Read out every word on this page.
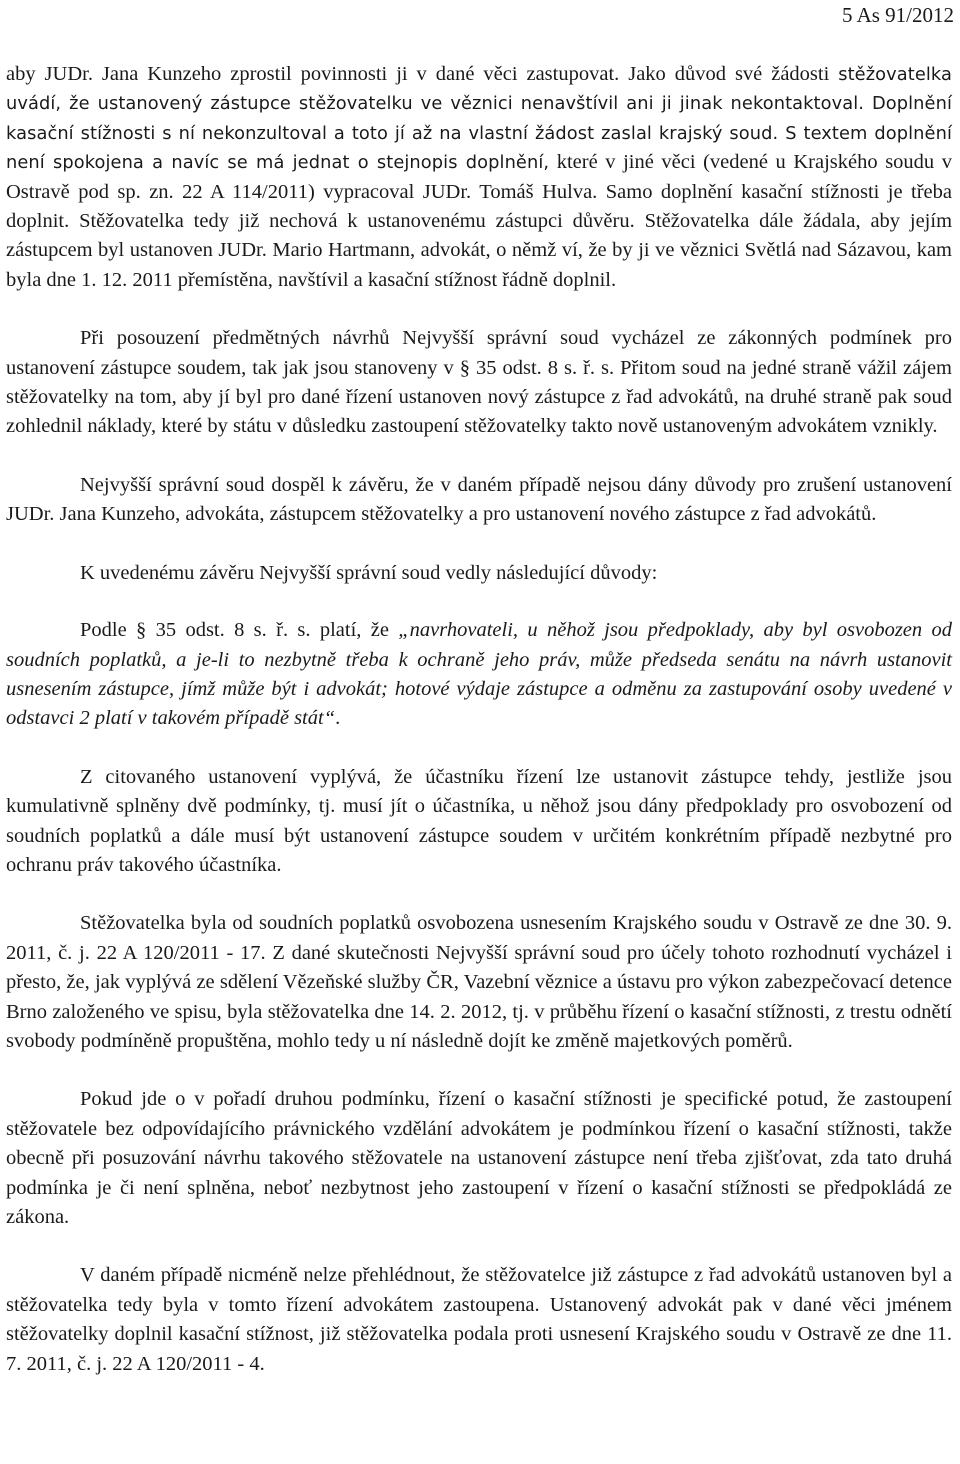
5 As 91/2012

aby JUDr. Jana Kunzeho zprostil povinnosti ji v dané věci zastupovat. Jako důvod své žádosti stěžovatelka uvádí, že ustanovený zástupce stěžovatelku ve věznici nenavštívil ani ji jinak nekontaktoval. Doplnění kasační stížnosti s ní nekonzultoval a toto jí až na vlastní žádost zaslal krajský soud. S textem doplnění není spokojena a navíc se má jednat o stejnopis doplnění, které v jiné věci (vedené u Krajského soudu v Ostravě pod sp. zn. 22 A 114/2011) vypracoval JUDr. Tomáš Hulva. Samo doplnění kasační stížnosti je třeba doplnit. Stěžovatelka tedy již nechová k ustanovenému zástupci důvěru. Stěžovatelka dále žádala, aby jejím zástupcem byl ustanoven JUDr. Mario Hartmann, advokát, o němž ví, že by ji ve věznici Světlá nad Sázavou, kam byla dne 1. 12. 2011 přemístěna, navštívil a kasační stížnost řádně doplnil.

Při posouzení předmětných návrhů Nejvyšší správní soud vycházel ze zákonných podmínek pro ustanovení zástupce soudem, tak jak jsou stanoveny v § 35 odst. 8 s. ř. s. Přitom soud na jedné straně vážil zájem stěžovatelky na tom, aby jí byl pro dané řízení ustanoven nový zástupce z řad advokátů, na druhé straně pak soud zohlednil náklady, které by státu v důsledku zastoupení stěžovatelky takto nově ustanoveným advokátem vznikly.

Nejvyšší správní soud dospěl k závěru, že v daném případě nejsou dány důvody pro zrušení ustanovení JUDr. Jana Kunzeho, advokáta, zástupcem stěžovatelky a pro ustanovení nového zástupce z řad advokátů.

K uvedenému závěru Nejvyšší správní soud vedly následující důvody:

Podle § 35 odst. 8 s. ř. s. platí, že „navrhovateli, u něhož jsou předpoklady, aby byl osvobozen od soudních poplatků, a je-li to nezbytně třeba k ochraně jeho práv, může předseda senátu na návrh ustanovit usnesením zástupce, jímž může být i advokát; hotové výdaje zástupce a odměnu za zastupování osoby uvedené v odstavci 2 platí v takovém případě stát“.

Z citovaného ustanovení vyplývá, že účastníku řízení lze ustanovit zástupce tehdy, jestliže jsou kumulativně splněny dvě podmínky, tj. musí jít o účastníka, u něhož jsou dány předpoklady pro osvobození od soudních poplatků a dále musí být ustanovení zástupce soudem v určitém konkrétním případě nezbytné pro ochranu práv takového účastníka.

Stěžovatelka byla od soudních poplatků osvobozena usnesením Krajského soudu v Ostravě ze dne 30. 9. 2011, č. j. 22 A 120/2011 - 17. Z dané skutečnosti Nejvyšší správní soud pro účely tohoto rozhodnutí vycházel i přesto, že, jak vyplývá ze sdělení Vězeňské služby ČR, Vazební věznice a ústavu pro výkon zabezpečovací detence Brno založeného ve spisu, byla stěžovatelka dne 14. 2. 2012, tj. v průběhu řízení o kasační stížnosti, z trestu odnětí svobody podmíněně propuštěna, mohlo tedy u ní následně dojít ke změně majetkových poměrů.

Pokud jde o v pořadí druhou podmínku, řízení o kasační stížnosti je specifické potud, že zastoupení stěžovatele bez odpovídajícího právnického vzdělání advokátem je podmínkou řízení o kasační stížnosti, takže obecně při posuzování návrhu takového stěžovatele na ustanovení zástupce není třeba zjišťovat, zda tato druhá podmínka je či není splněna, neboť nezbytnost jeho zastoupení v řízení o kasační stížnosti se předpokládá ze zákona.

V daném případě nicméně nelze přehlédnout, že stěžovatelce již zástupce z řad advokátů ustanoven byl a stěžovatelka tedy byla v tomto řízení advokátem zastoupena. Ustanovený advokát pak v dané věci jménem stěžovatelky doplnil kasační stížnost, již stěžovatelka podala proti usnesení Krajského soudu v Ostravě ze dne 11. 7. 2011, č. j. 22 A 120/2011 - 4.
